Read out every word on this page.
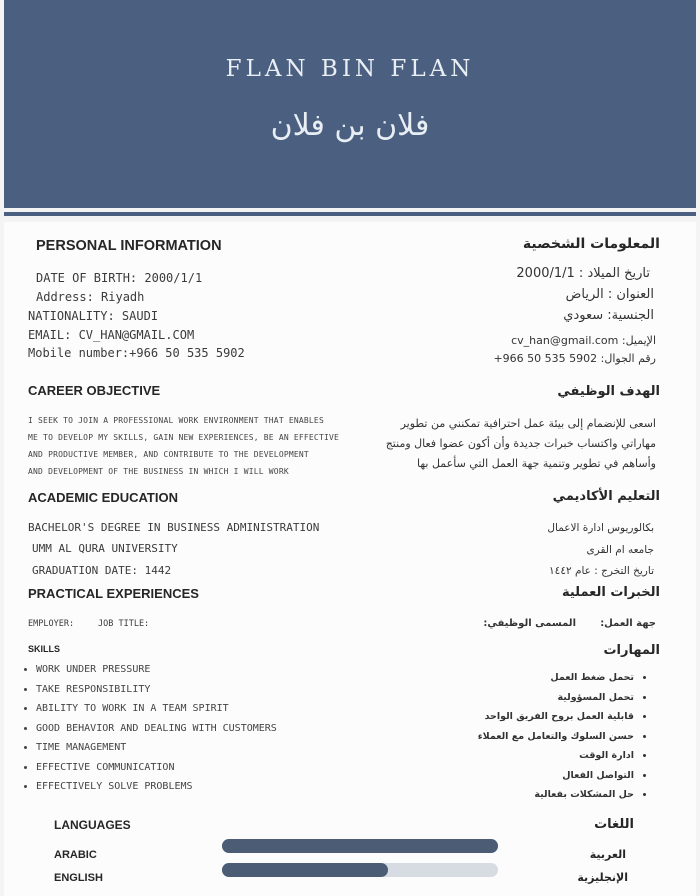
FLAN BIN FLAN
فلان بن فلان
PERSONAL INFORMATION	المعلومات الشخصية
DATE OF BIRTH: 2000/1/1
Address: Riyadh
NATIONALITY: SAUDI
EMAIL: CV_HAN@GMAIL.COM
Mobile number:+966 50 535 5902
تاريخ الميلاد : 2000/1/1
العنوان : الرياض
الجنسية: سعودي
الإيميل: cv_han@gmail.com
رقم الجوال: 5902 535 50 966+
CAREER OBJECTIVE	الهدف الوظيفي
I SEEK TO JOIN A PROFESSIONAL WORK ENVIRONMENT THAT ENABLES
ME TO DEVELOP MY SKILLS, GAIN NEW EXPERIENCES, BE AN EFFECTIVE
AND PRODUCTIVE MEMBER, AND CONTRIBUTE TO THE DEVELOPMENT
AND DEVELOPMENT OF THE BUSINESS IN WHICH I WILL WORK
اسعى للإنضمام إلى بيئة عمل احترافية تمكنني من تطوير
مهاراتي واكتساب خبرات جديدة وأن أكون عضوا فعال ومنتج
وأساهم في تطوير وتنمية جهة العمل التي سأعمل بها
ACADEMIC EDUCATION	التعليم الأكاديمي
BACHELOR'S DEGREE IN BUSINESS ADMINISTRATION
UMM AL QURA UNIVERSITY
GRADUATION DATE: 1442
بكالوريوس ادارة الاعمال
جامعه ام القرى
تاريخ التخرج : عام ١٤٤٢
PRACTICAL EXPERIENCES	الخبرات العملية
EMPLOYER:	JOB TITLE:	جهة العمل:
المسمى الوظيفي:
SKILLS	المهارات
• WORK UNDER PRESSURE
• TAKE RESPONSIBILITY
• ABILITY TO WORK IN A TEAM SPIRIT
• GOOD BEHAVIOR AND DEALING WITH CUSTOMERS
• TIME MANAGEMENT
• EFFECTIVE COMMUNICATION
• EFFECTIVELY SOLVE PROBLEMS
• تحمل ضغط العمل
• تحمل المسؤولية
• قابلية العمل بروح الفريق الواحد
• حسن السلوك والتعامل مع العملاء
• ادارة الوقت
• التواصل الفعال
• حل المشكلات بفعالية
LANGUAGES	اللغات
ARABIC	العربية
ENGLISH	الإنجليزية
